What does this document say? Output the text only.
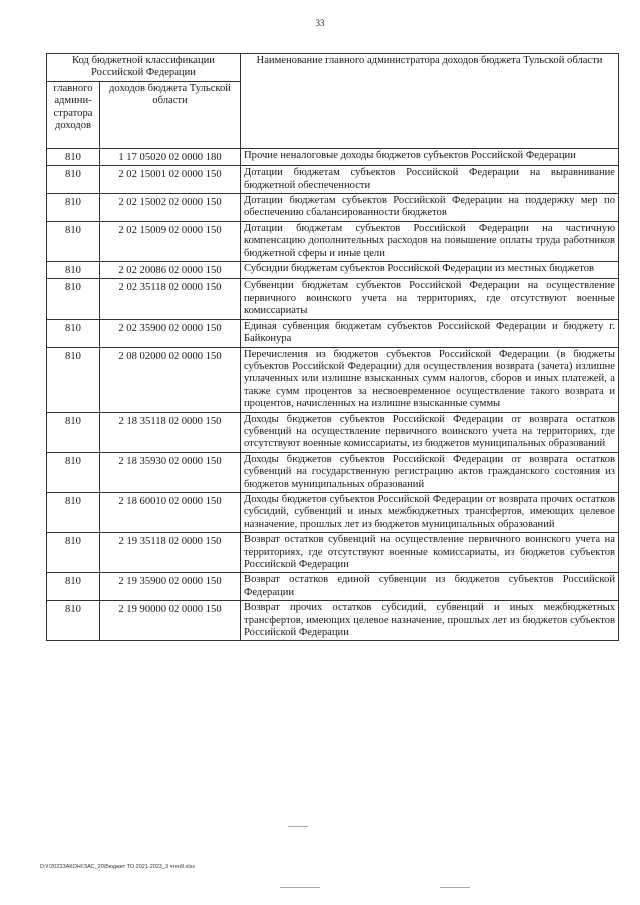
33
Код бюджетной классификации Российской Федерации		Наименование главного администратора доходов бюджета Тульской области
главного админи-стратора доходов	доходов бюджета Тульской области	
810	1 17 05020 02 0000 180	Прочие неналоговые доходы бюджетов субъектов Российской Федерации
810	2 02 15001 02 0000 150	Дотации бюджетам субъектов Российской Федерации на выравнивание бюджетной обеспеченности
810	2 02 15002 02 0000 150	Дотации бюджетам субъектов Российской Федерации на поддержку мер по обеспечению сбалансированности бюджетов
810	2 02 15009 02 0000 150	Дотации бюджетам субъектов Российской Федерации на частичную компенсацию дополнительных расходов на повышение оплаты труда работников бюджетной сферы и иные цели
810	2 02 20086 02 0000 150	Субсидии бюджетам субъектов Российской Федерации из местных бюджетов
810	2 02 35118 02 0000 150	Субвенции бюджетам субъектов Российской Федерации на осуществление первичного воинского учета на территориях, где отсутствуют военные комиссариаты
810	2 02 35900 02 0000 150	Единая субвенция бюджетам субъектов Российской Федерации и бюджету г. Байконура
810	2 08 02000 02 0000 150	Перечисления из бюджетов субъектов Российской Федерации (в бюджеты субъектов Российской Федерации) для осуществления возврата (зачета) излишне уплаченных или излишне взысканных сумм налогов, сборов и иных платежей, а также сумм процентов за несвоевременное осуществление такого возврата и процентов, начисленных на излишне взысканные суммы
810	2 18 35118 02 0000 150	Доходы бюджетов субъектов Российской Федерации от возврата остатков субвенций на осуществление первичного воинского учета на территориях, где отсутствуют военные комиссариаты, из бюджетов муниципальных образований
810	2 18 35930 02 0000 150	Доходы бюджетов субъектов Российской Федерации от возврата остатков субвенций на государственную регистрацию актов гражданского состояния из бюджетов муниципальных образований
810	2 18 60010 02 0000 150	Доходы бюджетов субъектов Российской Федерации от возврата прочих остатков субсидий, субвенций и иных межбюджетных трансфертов, имеющих целевое назначение, прошлых лет из бюджетов муниципальных образований
810	2 19 35118 02 0000 150	Возврат остатков субвенций на осуществление первичного воинского учета на территориях, где отсутствуют военные комиссариаты, из бюджетов субъектов Российской Федерации
810	2 19 35900 02 0000 150	Возврат остатков единой субвенции из бюджетов субъектов Российской Федерации
810	2 19 90000 02 0000 150	Возврат прочих остатков субсидий, субвенций и иных межбюджетных трансфертов, имеющих целевое назначение, прошлых лет из бюджетов субъектов Российской Федерации
D:\!!2023ЗАКОН\!ЗАС_20\Бюджет ТО 2021-2023_3 чтен9.xlsx
